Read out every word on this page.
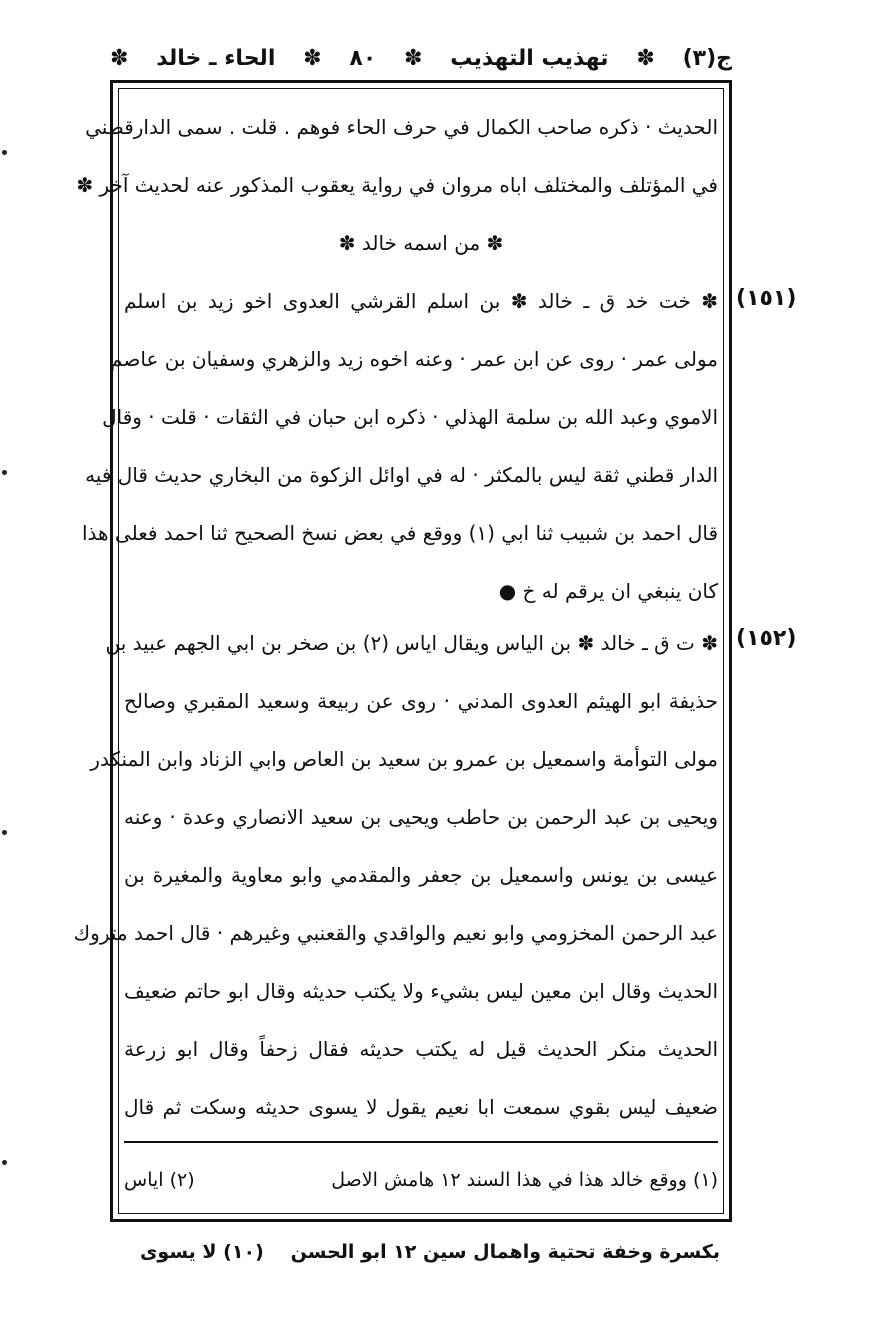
ج(٣)
✽
تهذيب التهذيب
✽
٨٠
✽
الحاء ـ خالد
✽
الحديث · ذكره صاحب الكمال في حرف الحاء فوهم . قلت . سمى الدارقطني
في المؤتلف والمختلف اباه مروان في رواية يعقوب المذكور عنه لحديث آخر ✽
✽ من اسمه خالد ✽
✽ خت خد ق ـ خالد ✽ بن اسلم القرشي العدوى اخو زيد بن اسلم
مولى عمر · روى عن ابن عمر · وعنه اخوه زيد والزهري وسفيان بن عاصم
الاموي وعبد الله بن سلمة الهذلي · ذكره ابن حبان في الثقات · قلت · وقال
الدار قطني ثقة ليس بالمكثر · له في اوائل الزكوة من البخاري حديث قال فيه
قال احمد بن شبيب ثنا ابي (١) ووقع في بعض نسخ الصحيح ثنا احمد فعلى هذا
كان ينبغي ان يرقم له خ ●
✽ ت ق ـ خالد ✽ بن الياس ويقال اياس (٢) بن صخر بن ابي الجهم عبيد بن
حذيفة ابو الهيثم العدوى المدني · روى عن ربيعة وسعيد المقبري وصالح
مولى التوأمة واسمعيل بن عمرو بن سعيد بن العاص وابي الزناد وابن المنكدر
ويحيى بن عبد الرحمن بن حاطب ويحيى بن سعيد الانصاري وعدة · وعنه
عيسى بن يونس واسمعيل بن جعفر والمقدمي وابو معاوية والمغيرة بن
عبد الرحمن المخزومي وابو نعيم والواقدي والقعنبي وغيرهم · قال احمد متروك
الحديث وقال ابن معين ليس بشيء ولا يكتب حديثه وقال ابو حاتم ضعيف
الحديث منكر الحديث قيل له يكتب حديثه فقال زحفاً وقال ابو زرعة
ضعيف ليس بقوي سمعت ابا نعيم يقول لا يسوى حديثه وسكت ثم قال
(١٥١)
(١٥٢)
(١) ووقع خالد هذا في هذا السند ١٢ هامش الاصل
(٢) اياس
بكسرة وخفة تحتية واهمال سين ١٢ ابو الحسن
(١٠) لا يسوى
